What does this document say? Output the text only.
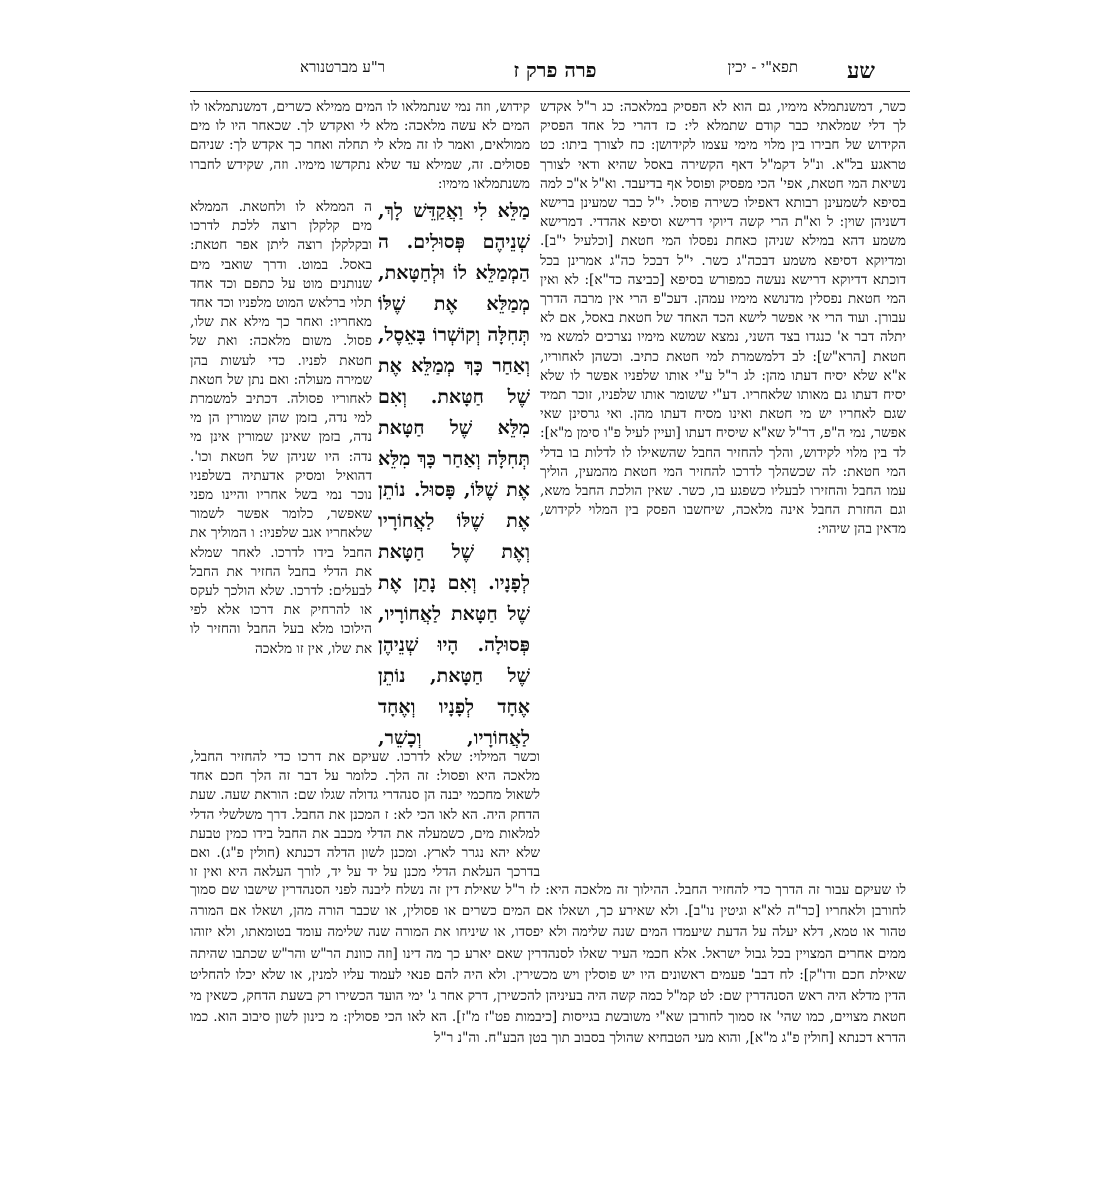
שע
תפא"י - יכין
פרה פרק ז
ר"ע מברטנורא

קידוש, וזה נמי שנתמלאו לו המים ממילא כשרים, דמשנתמלאו לו המים לא עשה מלאכה: מלא לי ואקדש לך. שכאחר היו לו מים ממולאים, ואמר לו זה מלא לי תחלה ואחר כך אקדש לך: שניהם פסולים. זה, שמילא עד שלא נתקדשו מימיו. וזה, שקידש לחברו משנתמלאו מימיו:

מַלֵּא לִי וַאֲקַדֵּשׁ לָךְ, שְׁנֵיהֶם פְּסוּלִים. ה הַמְמַלֵּא לוֹ וּלְחַטָּאת, מְמַלֵּא אֶת שֶׁלּוֹ תְּחִלָּה וְקוֹשְׁרוֹ בָּאֵסֶל, וְאַחַר כָּךְ מְמַלֵּא אֶת שֶׁל חַטָּאת. וְאִם מִלֵּא שֶׁל חַטָּאת תְּחִלָּה וְאַחַר כָּךְ מִלֵּא אֶת שֶׁלּוֹ, פָּסוּל. נוֹתֵן אֶת שֶׁלּוֹ לַאֲחוֹרָיו וְאֶת שֶׁל חַטָּאת לְפָנָיו. וְאִם נָתַן אֶת שֶׁל חַטָּאת לַאֲחוֹרָיו, פְּסוּלָה. הָיוּ שְׁנֵיהֶן שֶׁל חַטָּאת, נוֹתֵן אֶחָד לְפָנָיו וְאֶחָד לַאֲחוֹרָיו, וְכָשֵׁר,

ה הממלא לו ולחטאת. הממלא מים קלקלן רוצה ללכת לדרכו ובקלקלן רוצה ליתן אפר חטאת: באסל. במוט. ודרך שואבי מים שנותנים מוט על כתפם וכד אחד תלוי ברלאש המוט מלפניו וכד אחד מאחריו: ואחר כך מילא את שלו, פסול. משום מלאכה: ואת של חטאת לפניו. כדי לעשות בהן שמירה מעולה: ואם נתן של חטאת לאחוריו פסולה. דכתיב למשמרת למי נדה, בזמן שהן שמורין הן מי נדה, בזמן שאינן שמורין אינן מי נדה: היו שניהן של חטאת וכו'. דהואיל ומסיק אדעתיה בשלפניו נוכר נמי בשל אחריו והיינו מפני שאפשר, כלומר אפשר לשמור שלאחריו אגב שלפניו: ו המוליך את החבל בידו לדרכו. לאחר שמלא את הדלי בחבל החזיר את החבל לבעלים: לדרכו. שלא הולכך לעקס או להרחיק את דרכו אלא לפי הילוכו מלא בעל החבל והחזיר לו את שלו, אין זו מלאכה

כשר, דמשנתמלא מימיו, גם הוא לא הפסיק במלאכה: כג ר"ל אקדש לך דלי שמלאתי כבר קודם שתמלא לי: כז דהרי כל אחד הפסיק הקידוש של חבירו בין מלוי מימי עצמו לקידושן: כח לצורך ביתו: כט טראגע בל"א. ונ"ל דקמ"ל דאף הקשירה באסל שהיא ודאי לצורך נשיאת המי חטאת, אפי' הכי מפסיק ופוסל אף בדיעבד. וא"ל א"כ למה בסיפא לשמעינן רבותא דאפילו כשירה פוסל. י"ל כבר שמעינן ברישא דשניהן שוין: ל וא"ת הרי קשה דיוקי דרישא וסיפא אהדדי. דמרישא משמע דהא במילא שניהן כאחת נפסלו המי חטאת [וכלעיל י"ב]. ומדיוקא דסיפא משמע דבכה"ג כשר. י"ל דבכל כה"ג אמרינן בכל דוכתא דדיוקא דרישא נעשה כמפורש בסיפא [כביצה כד"א]: לא ואין המי חטאת נפסלין מדנושא מימיו עמהן. דעכ"פ הרי אין מרבה הדרך עבורן. ועוד הרי אי אפשר לישא הכד האחד של חטאת באסל, אם לא יתלה דבר א' כנגדו בצד השני, נמצא שמשא מימיו נצרכים למשא מי חטאת [הרא"ש]: לב דלמשמרת למי חטאת כתיב. וכשהן לאחוריו, א"א שלא יסיח דעתו מהן: לג ר"ל ע"י אותו שלפניו אפשר לו שלא יסיח דעתו גם מאותו שלאחריו. דע"י ששומר אותו שלפניו, זוכר תמיד שגם לאחריו יש מי חטאת ואינו מסיח דעתו מהן. ואי גרסינן שאי אפשר, נמי ה"פ, דר"ל שא"א שיסיח דעתו [ועיין לעיל פ"ו סימן מ"א]: לד בין מלוי לקידוש, והלך להחזיר החבל שהשאילו לו לדלות בו בדלי המי חטאת: לה שכשהלך לדרכו להחזיר המי חטאת מהמעין, הוליך עמו החבל והחזירו לבעליו כשפגע בו, כשר. שאין הולכת החבל משא, וגם החזרת החבל אינה מלאכה, שיחשבו הפסק בין המלוי לקידוש, מדאין בהן שיהוי:

וכשר המילוי: שלא לדרכו. שעיקם את דרכו כדי להחזיר החבל, מלאכה היא ופסול: זה הלך. כלומר על דבר זה הלך חכם אחד לשאול מחכמי יבנה הן סנהדרי גדולה שגלו שם: הוראת שעה. שעת הדחק היה. הא לאו הכי לא: ז המכנן את החבל. דרך משלשלי הדלי למלאות מים, כשמעלה את הדלי מכבב את החבל בידו כמין טבעת שלא יהא נגרר לארץ. ומכנן לשון הדלה דכנתא (חולין פ"ג). ואם בדרכך העלאת הדלי מכנן על יד על יד, לורך העלאה היא ואין זו

לו שעיקם עבור זה הדרך כדי להחזיר החבל. ההילוך זה מלאכה היא: לז ר"ל שאילת דין זה נשלח ליבנה לפני הסנהדרין שישבו שם סמוך לחורבן ולאחריו [כר"ה לא"א וגיטין נו"ב]. ולא שאירע כך, ושאלו אם המים כשרים או פסולין, או שכבר הורה מהן, ושאלו אם המורה טהור או טמא, דלא יעלה על הדעת שיעמדו המים שנה שלימה ולא יפסדו, או שיניחו את המורה שנה שלימה עומד בטומאתו, ולא יזוהו ממים אחרים המצויין בכל גבול ישראל. אלא חכמי העיר שאלו לסנהדרין שאם יארע כך מה דינו [וזה כוונת הר"ש והר"ש שכתבו שהיתה שאילת חכם ודו"ק]: לח דבב' פעמים ראשונים היו יש פוסלין ויש מכשירין. ולא היה להם פנאי לעמוד עליו למנין, או שלא יכלו להחליט הדין מדלא היה ראש הסנהדרין שם: לט קמ"ל כמה קשה היה בעיניהן להכשירן, דרק אחר ג' ימי הועד הכשירו רק בשעת הדחק, כשאין מי חטאת מצויים, כמו שהי' אז סמוך לחורבן שא"י משובשת בגייסות [כיבמות פט"ז מ"ז]. הא לאו הכי פסולין: מ כינון לשון סיבוב הוא. כמו הדרא דכנתא [חולין פ"ג מ"א], והוא מעי הטבחיא שהולך בסבוב תוך בטן הבע"ח. וה"נ ר"ל
